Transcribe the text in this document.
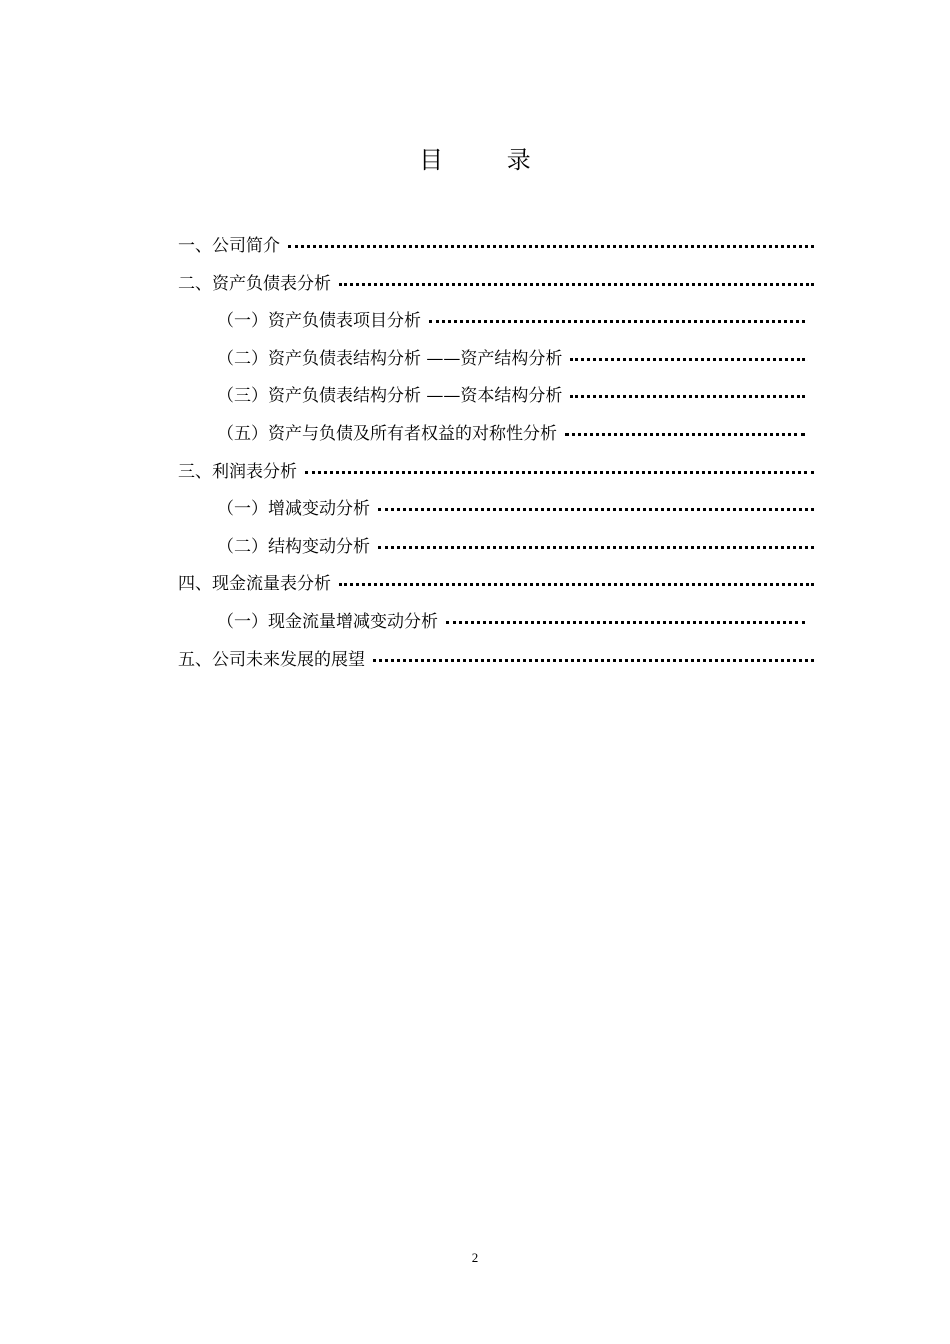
目 录
一、公司简介
二、资产负债表分析
（一）资产负债表项目分析
（二）资产负债表结构分析 ——资产结构分析
（三）资产负债表结构分析 ——资本结构分析
（五）资产与负债及所有者权益的对称性分析
三、利润表分析
（一）增减变动分析
（二）结构变动分析
四、现金流量表分析
（一）现金流量增减变动分析
五、公司未来发展的展望
2
